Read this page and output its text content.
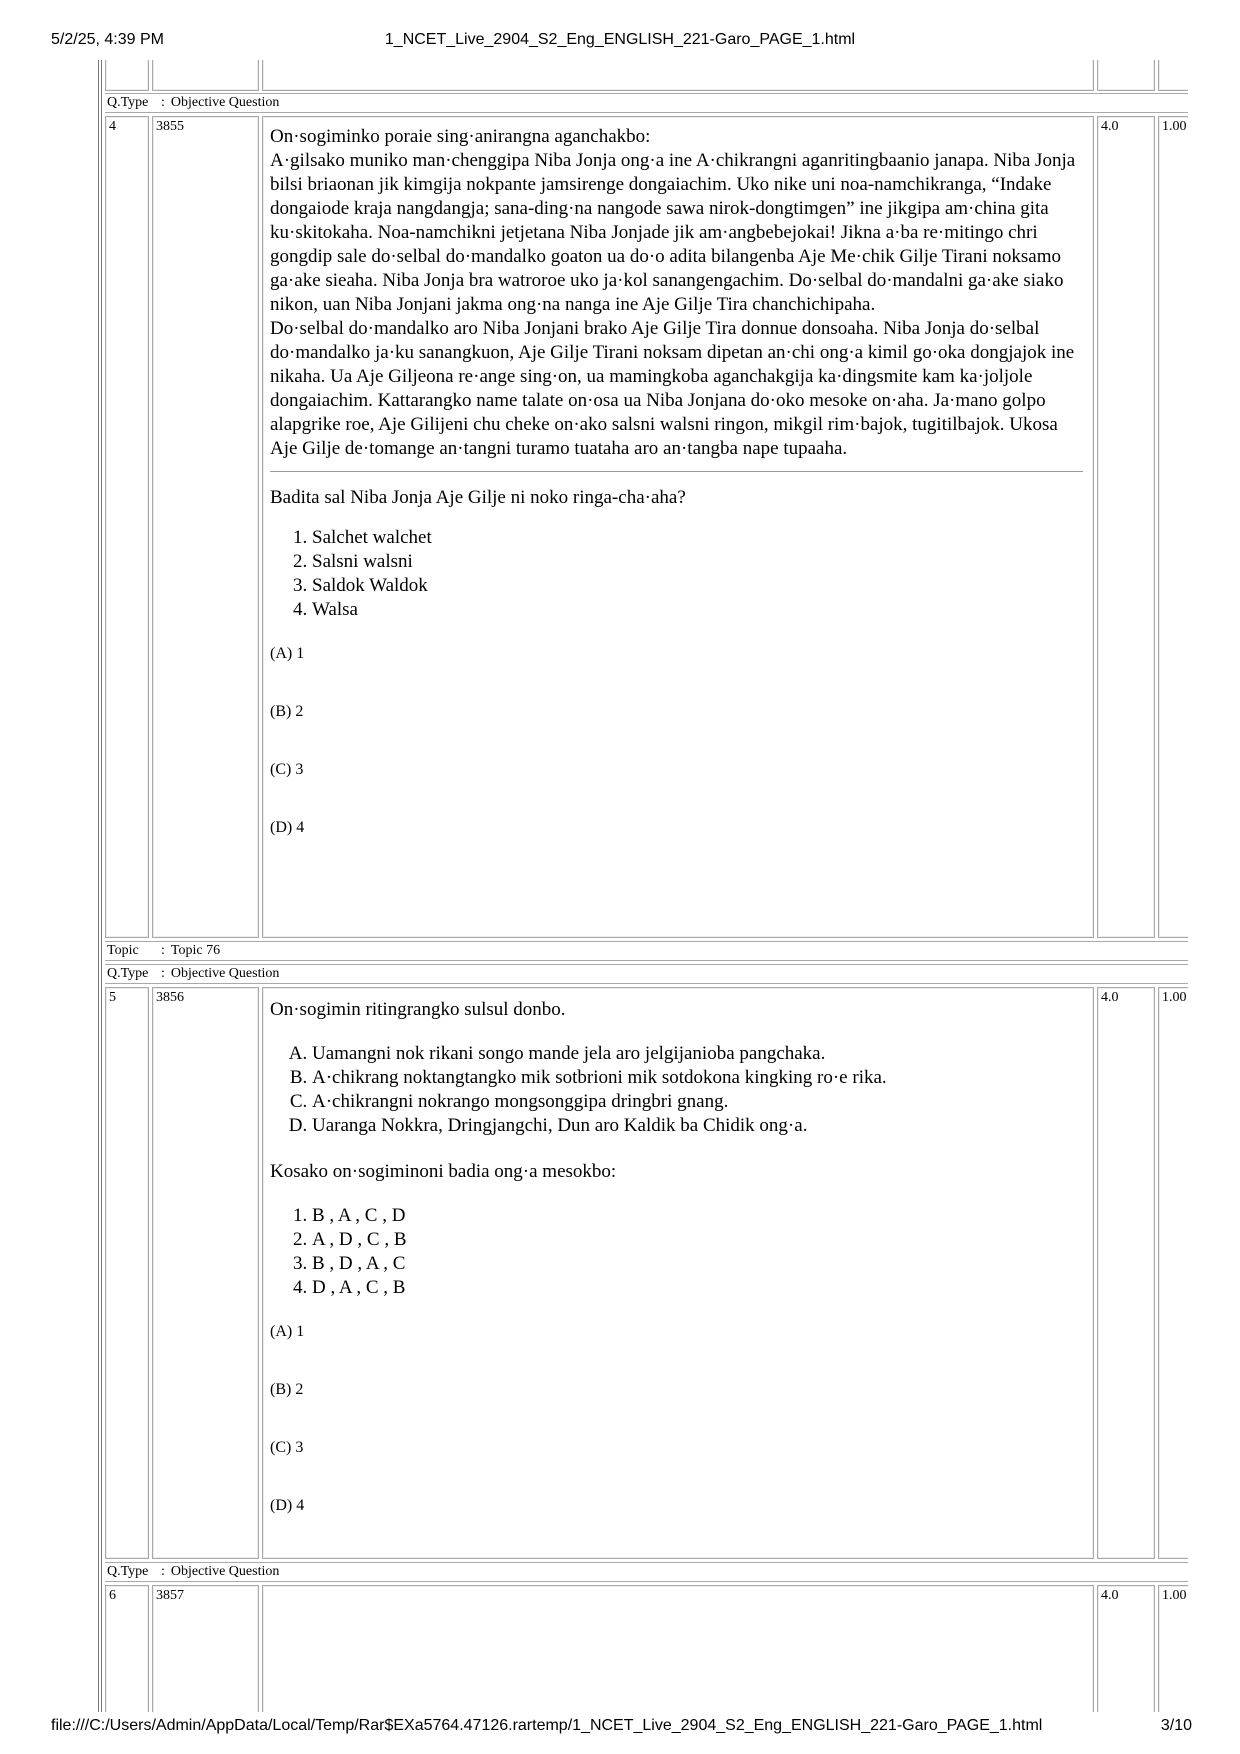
5/2/25, 4:39 PM	1_NCET_Live_2904_S2_Eng_ENGLISH_221-Garo_PAGE_1.html
Q.Type : Objective Question
4	3855	On·sogiminko poraie sing·anirangna aganchakbo:

A·gilsako muniko man·chenggipa Niba Jonja ong·a ine A·chikrangni aganritingbaanio janapa. Niba Jonja bilsi briaonan jik kimgija nokpante jamsirenge dongaiachim. Uko nike uni noa-namchikranga, “Indake dongaiode kraja nangdangja; sana-ding·na nangode sawa nirok-dongtimgen” ine jikgipa am·china gita ku·skitokaha. Noa-namchikni jetjetana Niba Jonjade jik am·angbebejokai! Jikna a·ba re·mitingo chri gongdip sale do·selbal do·mandalko goaton ua do·o adita bilangenba Aje Me·chik Gilje Tirani noksamo ga·ake sieaha. Niba Jonja bra watroroe uko ja·kol sanangengachim. Do·selbal do·mandalni ga·ake siako nikon, uan Niba Jonjani jakma ong·na nanga ine Aje Gilje Tira chanchichipaha.

Do·selbal do·mandalko aro Niba Jonjani brako Aje Gilje Tira donnue donsoaha. Niba Jonja do·selbal do·mandalko ja·ku sanangkuon, Aje Gilje Tirani noksam dipetan an·chi ong·a kimil go·oka dongjajok ine nikaha. Ua Aje Giljeona re·ange sing·on, ua mamingkoba aganchakgija ka·dingsmite kam ka·joljole dongaiachim. Kattarangko name talate on·osa ua Niba Jonjana do·oko mesoke on·aha. Ja·mano golpo alapgrike roe, Aje Gilijeni chu cheke on·ako salsni walsni ringon, mikgil rim·bajok, tugitilbajok. Ukosa Aje Gilje de·tomange an·tangni turamo tuataha aro an·tangba nape tupaaha.

Badita sal Niba Jonja Aje Gilje ni noko ringa-cha·aha?

1. Salchet walchet
2. Salsni walsni
3. Saldok Waldok
4. Walsa
(A) 1
(B) 2
(C) 3
(D) 4
4.0	1.00
Topic : Topic 76
Q.Type : Objective Question
5	3856

On·sogimin ritingrangko sulsul donbo.

A. Uamangni nok rikani songo mande jela aro jelgijanioba pangchaka.
B. A·chikrang noktangtangko mik sotbrioni mik sotdokona kingking ro·e rika.
C. A·chikrangni nokrango mongsonggipa dringbri gnang.
D. Uaranga Nokkra, Dringjangchi, Dun aro Kaldik ba Chidik ong·a.

Kosako on·sogiminoni badia ong·a mesokbo:

1. B , A , C , D
2. A , D , C , B
3. B , D , A , C
4. D , A , C , B
(A) 1
(B) 2
(C) 3
(D) 4
4.0	1.00
Q.Type : Objective Question
6	3857	4.0	1.00
file:///C:/Users/Admin/AppData/Local/Temp/Rar$EXa5764.47126.rartemp/1_NCET_Live_2904_S2_Eng_ENGLISH_221-Garo_PAGE_1.html	3/10
